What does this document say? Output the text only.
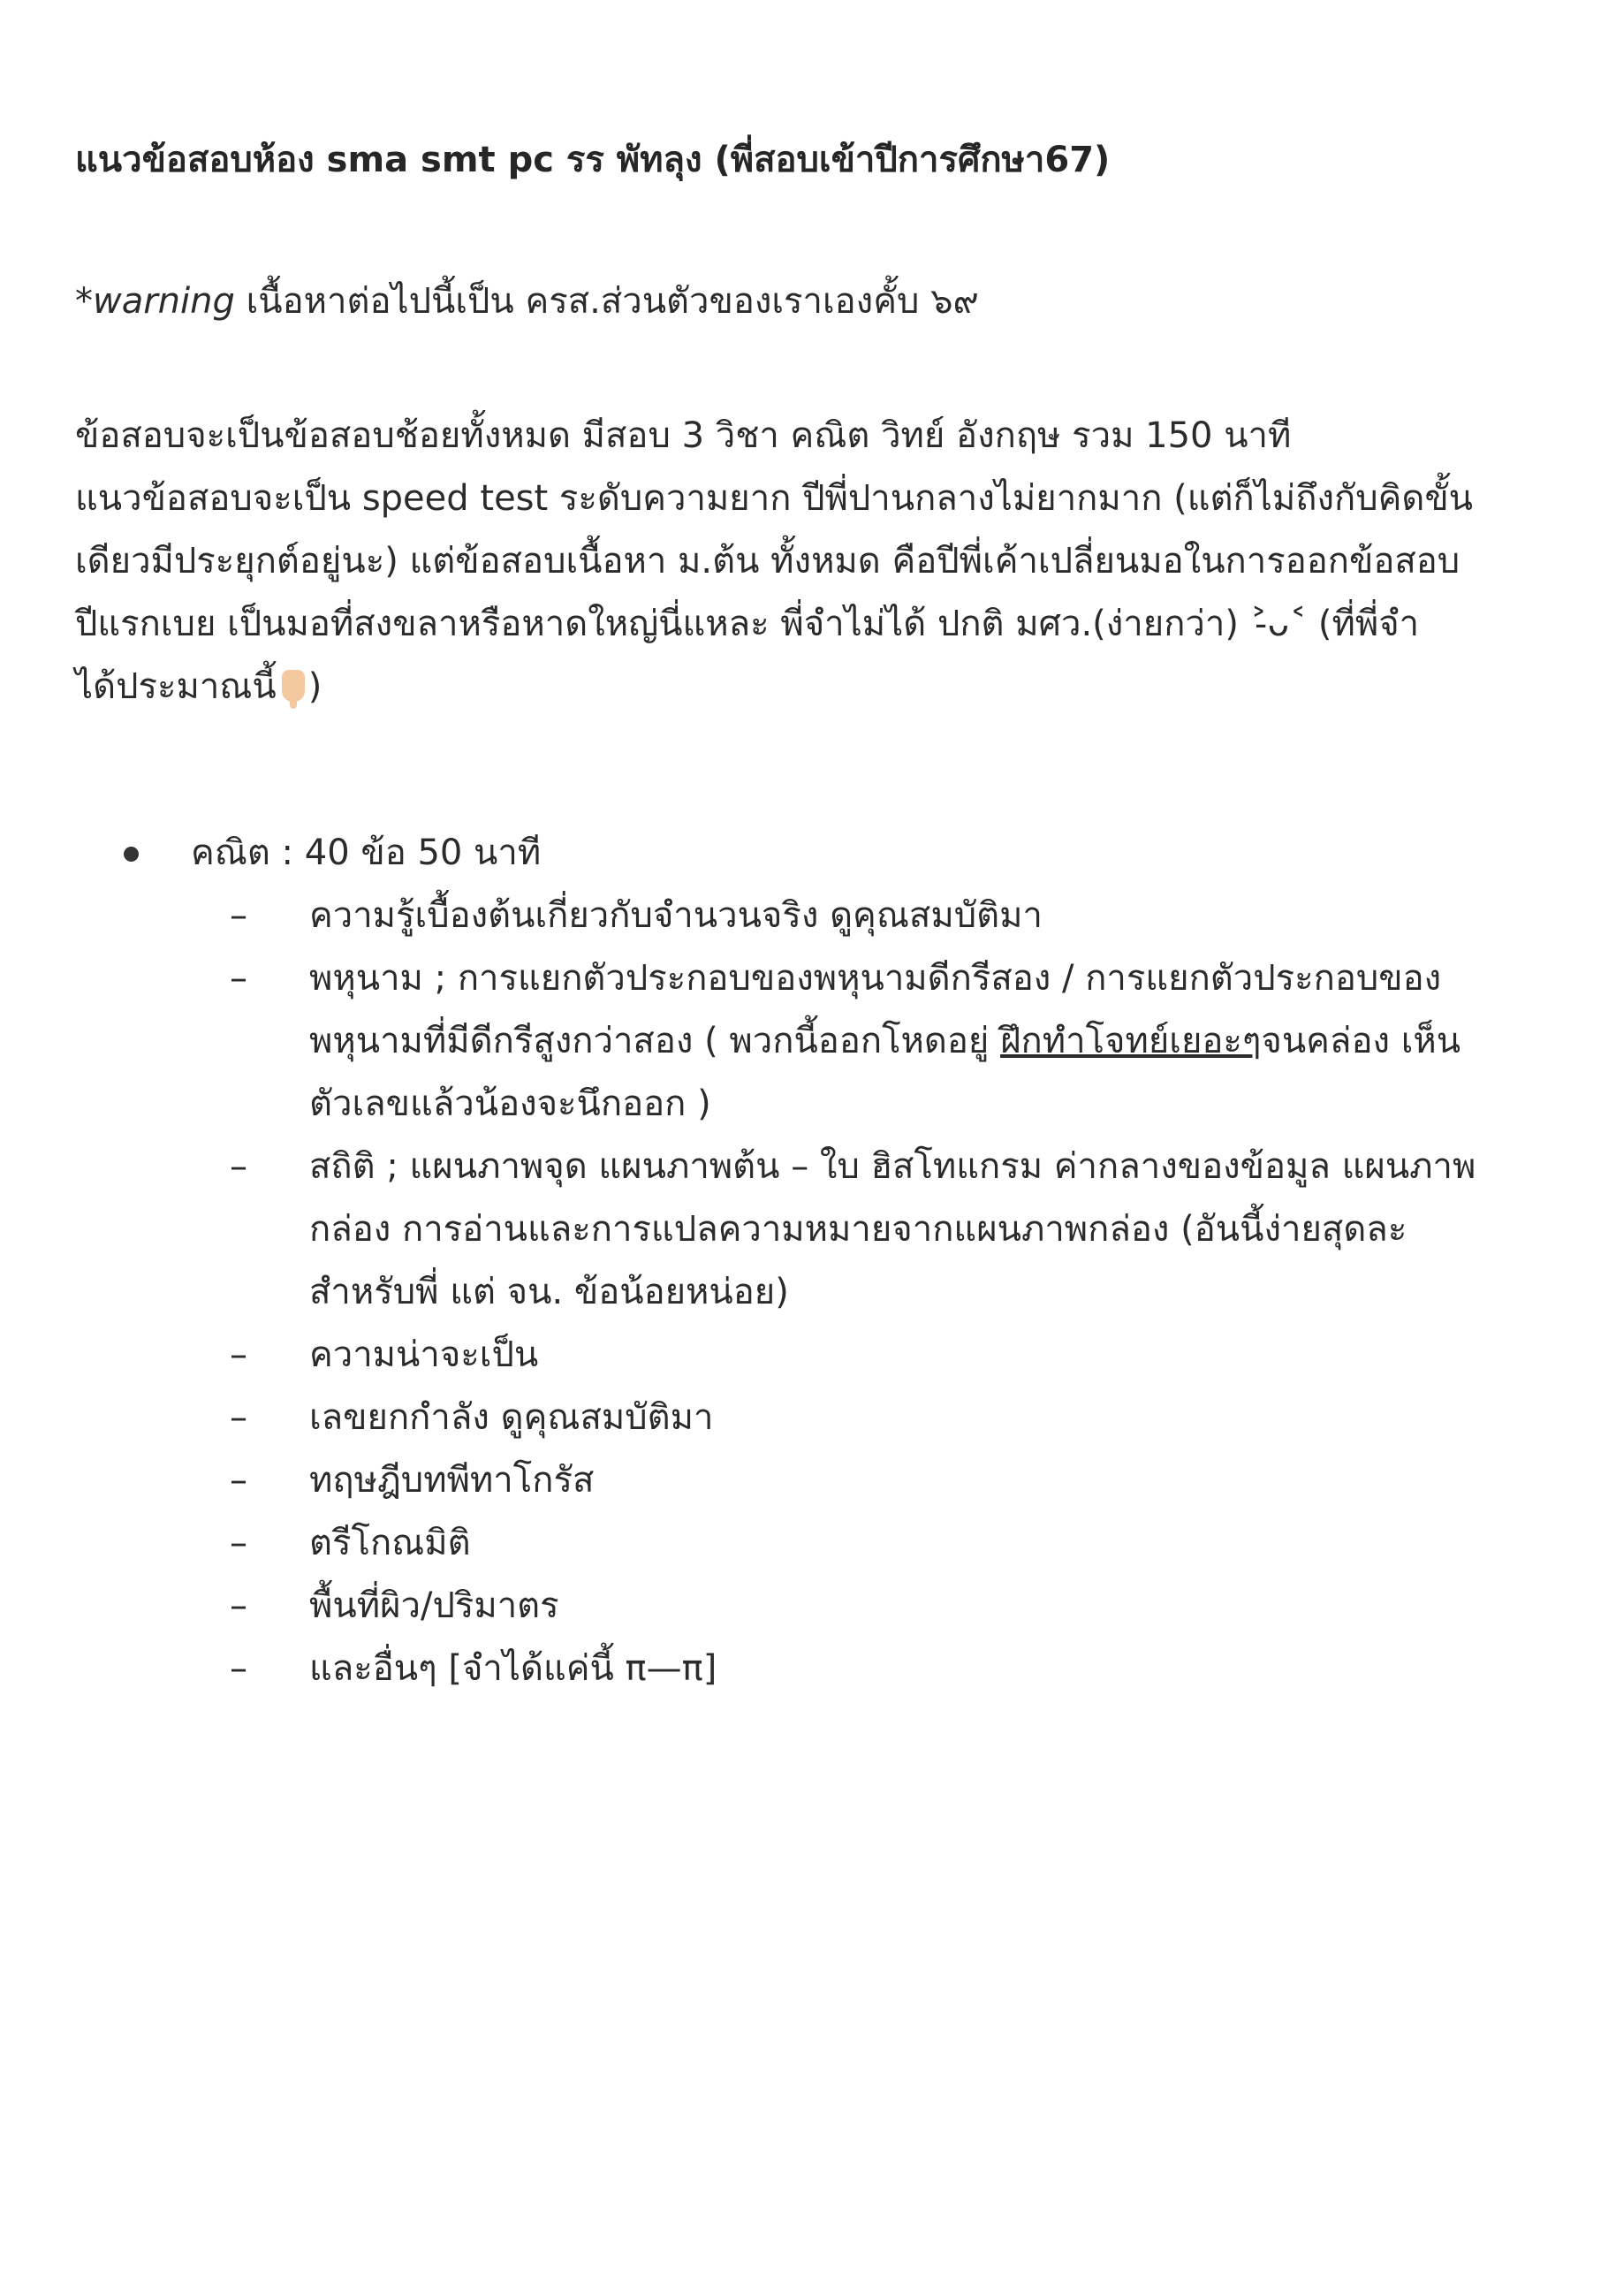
แนวข้อสอบห้อง sma smt pc รร พัทลุง (พี่สอบเข้าปีการศึกษา67)
*warning เนื้อหาต่อไปนี้เป็น ครส.ส่วนตัวของเราเองคั้บ ๖๙
ข้อสอบจะเป็นข้อสอบช้อยทั้งหมด มีสอบ 3 วิชา คณิต วิทย์ อังกฤษ รวม 150 นาที
แนวข้อสอบจะเป็น speed test ระดับความยาก ปีพี่ปานกลางไม่ยากมาก (แต่ก็ไม่ถึงกับคิดขั้น
เดียวมีประยุกต์อยู่นะ) แต่ข้อสอบเนื้อหา ม.ต้น ทั้งหมด คือปีพี่เค้าเปลี่ยนมอในการออกข้อสอบ
ปีแรกเบย เป็นมอที่สงขลาหรือหาดใหญ่นี่แหละ พี่จำไม่ได้ ปกติ มศว.(ง่ายกว่า) ˃̵ᴗ˂ (ที่พี่จำ
ได้ประมาณนี้ )
คณิต : 40 ข้อ 50 นาที
– ความรู้เบื้องต้นเกี่ยวกับจำนวนจริง ดูคุณสมบัติมา
– พหุนาม ; การแยกตัวประกอบของพหุนามดีกรีสอง / การแยกตัวประกอบของ
พหุนามที่มีดีกรีสูงกว่าสอง ( พวกนี้ออกโหดอยู่ ฝึกทำโจทย์เยอะๆจนคล่อง เห็น
ตัวเลขแล้วน้องจะนึกออก )
– สถิติ ; แผนภาพจุด แผนภาพต้น – ใบ ฮิสโทแกรม ค่ากลางของข้อมูล แผนภาพ
กล่อง การอ่านและการแปลความหมายจากแผนภาพกล่อง (อันนี้ง่ายสุดละ
สำหรับพี่ แต่ จน. ข้อน้อยหน่อย)
– ความน่าจะเป็น
– เลขยกกำลัง ดูคุณสมบัติมา
– ทฤษฎีบทพีทาโกรัส
– ตรีโกณมิติ
– พื้นที่ผิว/ปริมาตร
– และอื่นๆ [จำได้แค่นี้ π—π]
